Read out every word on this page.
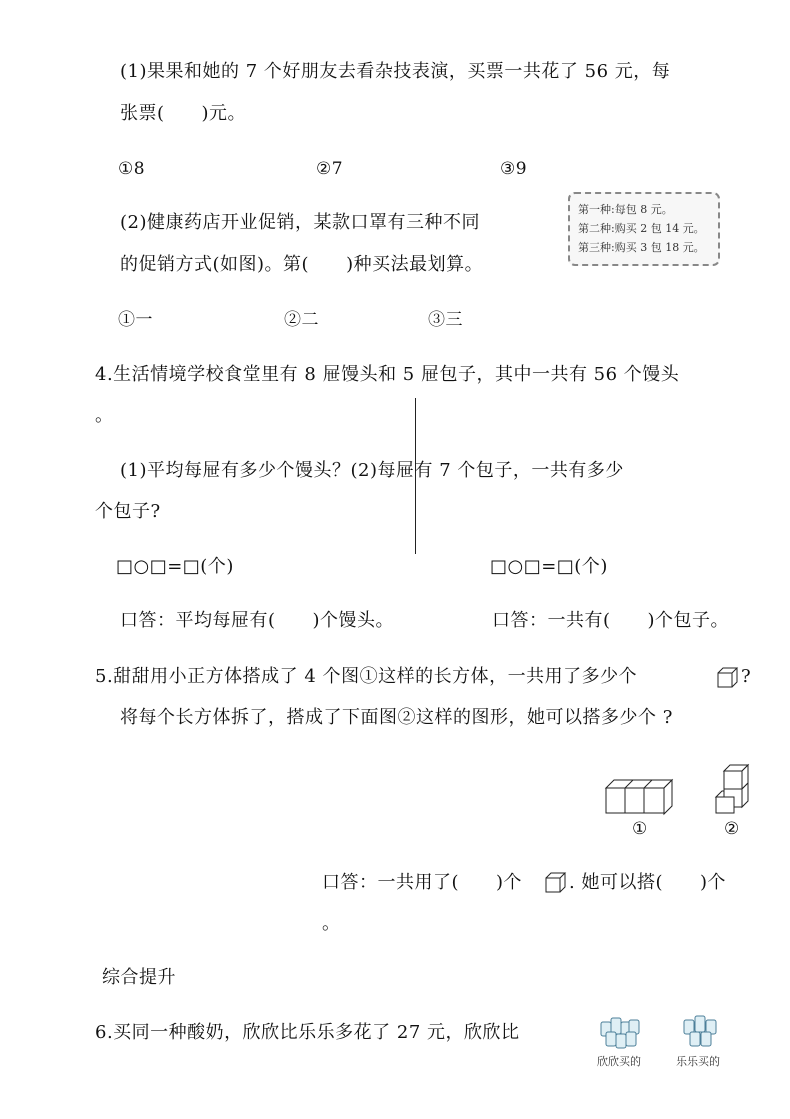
(1)果果和她的 7 个好朋友去看杂技表演，买票一共花了 56 元，每
张票(　　)元。
①8	②7	③9
(2)健康药店开业促销，某款口罩有三种不同
的促销方式(如图)。第(　　)种买法最划算。
第一种:每包 8 元。
第二种:购买 2 包 14 元。
第三种:购买 3 包 18 元。
①一	②二	③三
4.生活情境学校食堂里有 8 屉馒头和 5 屉包子，其中一共有 56 个馒头
。
(1)平均每屉有多少个馒头？(2)每屉有 7 个包子，一共有多少
个包子?
□○□=□(个)	□○□=□(个)
口答：平均每屉有(　　)个馒头。	口答：一共有(　　)个包子。
5.甜甜用小正方体搭成了 4 个图①这样的长方体，一共用了多少个	?
将每个长方体拆了，搭成了下面图②这样的图形，她可以搭多少个 ?
①	②
口答：一共用了(　　)个	. 她可以搭(　　)个
。
综合提升
6.买同一种酸奶，欣欣比乐乐多花了 27 元，欣欣比
欣欣买的	乐乐买的
